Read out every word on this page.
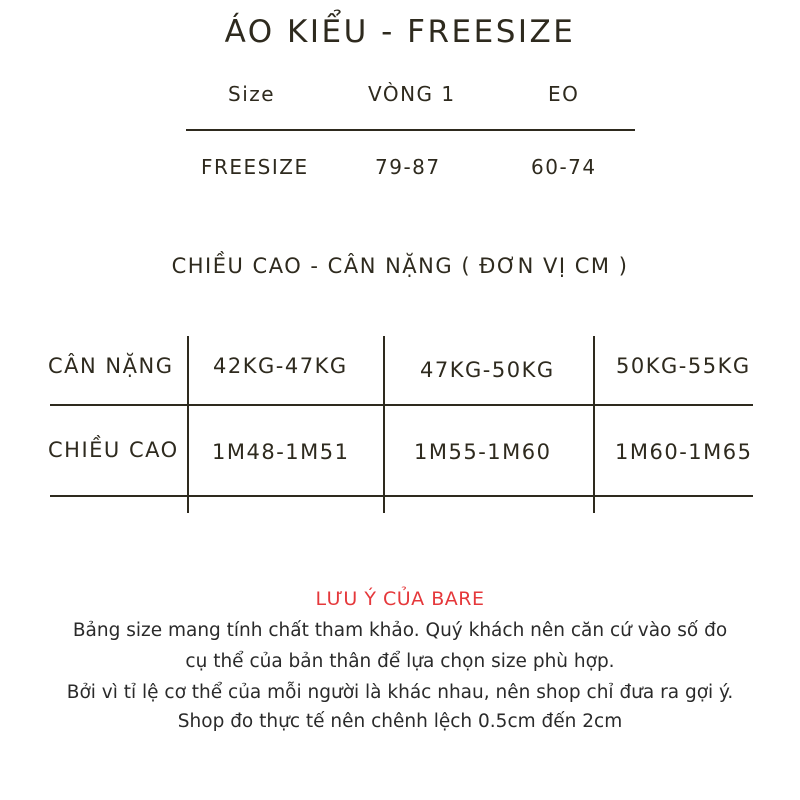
ÁO KIỂU - FREESIZE
Size	VÒNG 1	EO
FREESIZE	79-87	60-74
CHIỀU CAO - CÂN NẶNG ( ĐƠN VỊ CM )
CÂN NẶNG 42KG-47KG	47KG-50KG	50KG-55KG
CHIỀU CAO 1M48-1M51	1M55-1M60	1M60-1M65
LƯU Ý CỦA BARE
Bảng size mang tính chất tham khảo. Quý khách nên căn cứ vào số đo
cụ thể của bản thân để lựa chọn size phù hợp.
Bởi vì tỉ lệ cơ thể của mỗi người là khác nhau, nên shop chỉ đưa ra gợi ý.
Shop đo thực tế nên chênh lệch 0.5cm đến 2cm
